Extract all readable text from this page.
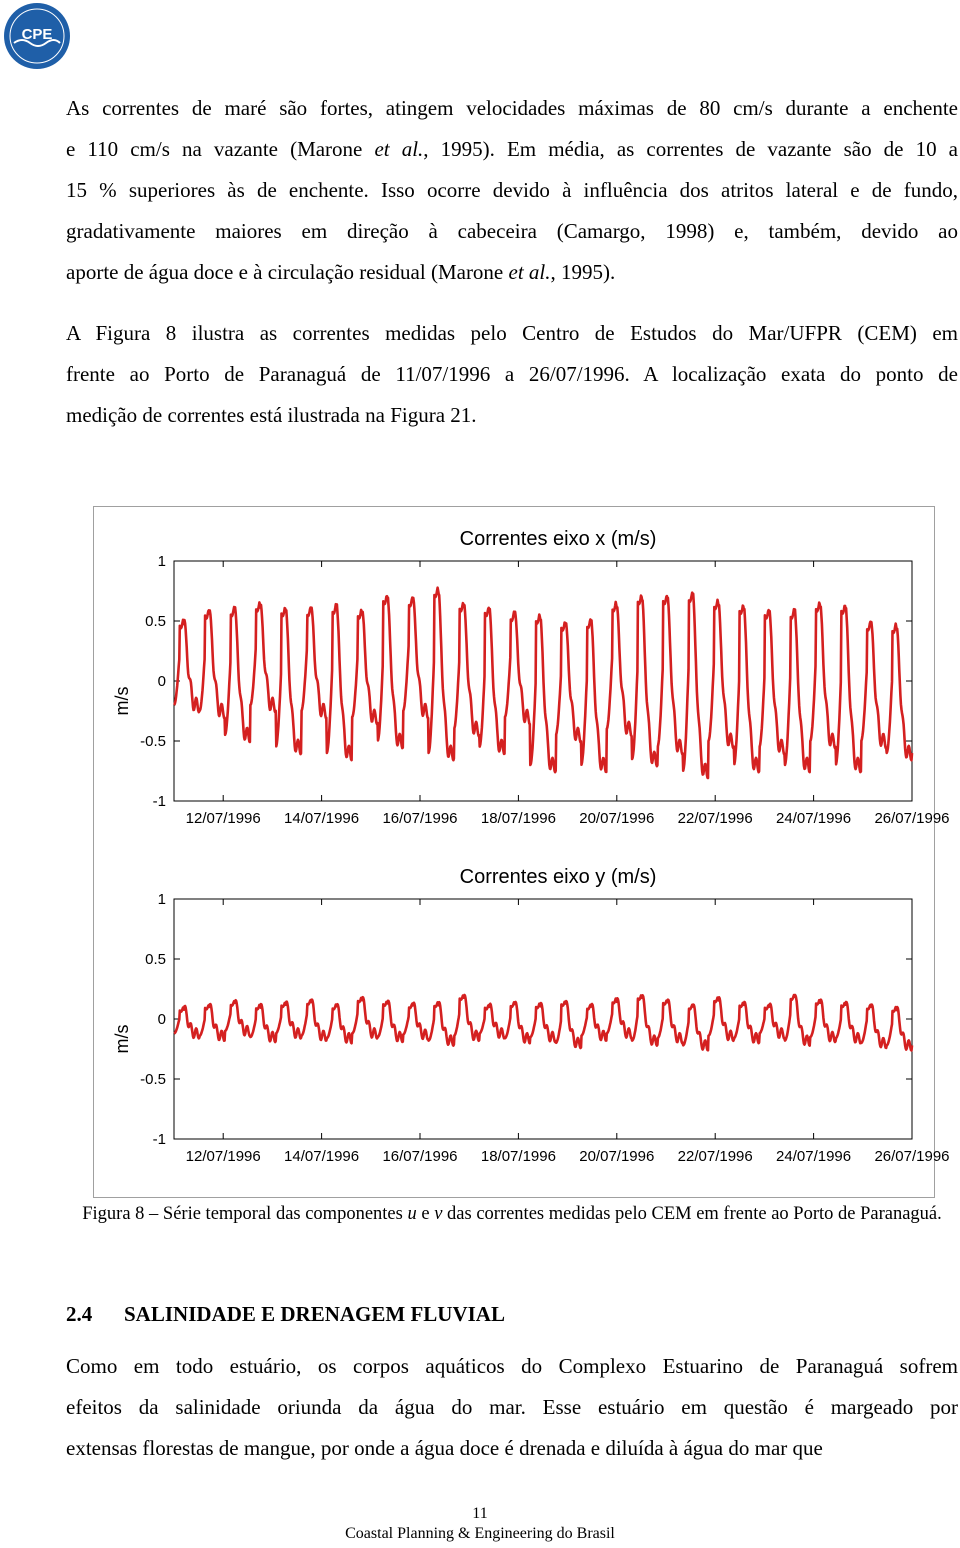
CPE
As correntes de maré são fortes, atingem velocidades máximas de 80 cm/s durante a enchente
e 110 cm/s na vazante (Marone et al., 1995). Em média, as correntes de vazante são de 10 a
15 % superiores às de enchente. Isso ocorre devido à influência dos atritos lateral e de fundo,
gradativamente maiores em direção à cabeceira (Camargo, 1998) e, também, devido ao
aporte de água doce e à circulação residual (Marone et al., 1995).
A Figura 8 ilustra as correntes medidas pelo Centro de Estudos do Mar/UFPR (CEM) em
frente ao Porto de Paranaguá de 11/07/1996 a 26/07/1996. A localização exata do ponto de
medição de correntes está ilustrada na Figura 21.
1
0.5
0
-0.5
-1
12/07/1996 14/07/1996 16/07/1996 18/07/1996 20/07/1996 22/07/1996 24/07/1996 26/07/1996
Correntes eixo x (m/s)
m/s
1
0.5
0
-0.5
-1
12/07/1996 14/07/1996 16/07/1996 18/07/1996 20/07/1996 22/07/1996 24/07/1996 26/07/1996
Correntes eixo y (m/s)
m/s
Figura 8 – Série temporal das componentes u e v das correntes medidas pelo CEM em frente ao Porto de Paranaguá.
2.4 SALINIDADE E DRENAGEM FLUVIAL
Como em todo estuário, os corpos aquáticos do Complexo Estuarino de Paranaguá sofrem
efeitos da salinidade oriunda da água do mar. Esse estuário em questão é margeado por
extensas florestas de mangue, por onde a água doce é drenada e diluída à água do mar que
11
Coastal Planning & Engineering do Brasil
